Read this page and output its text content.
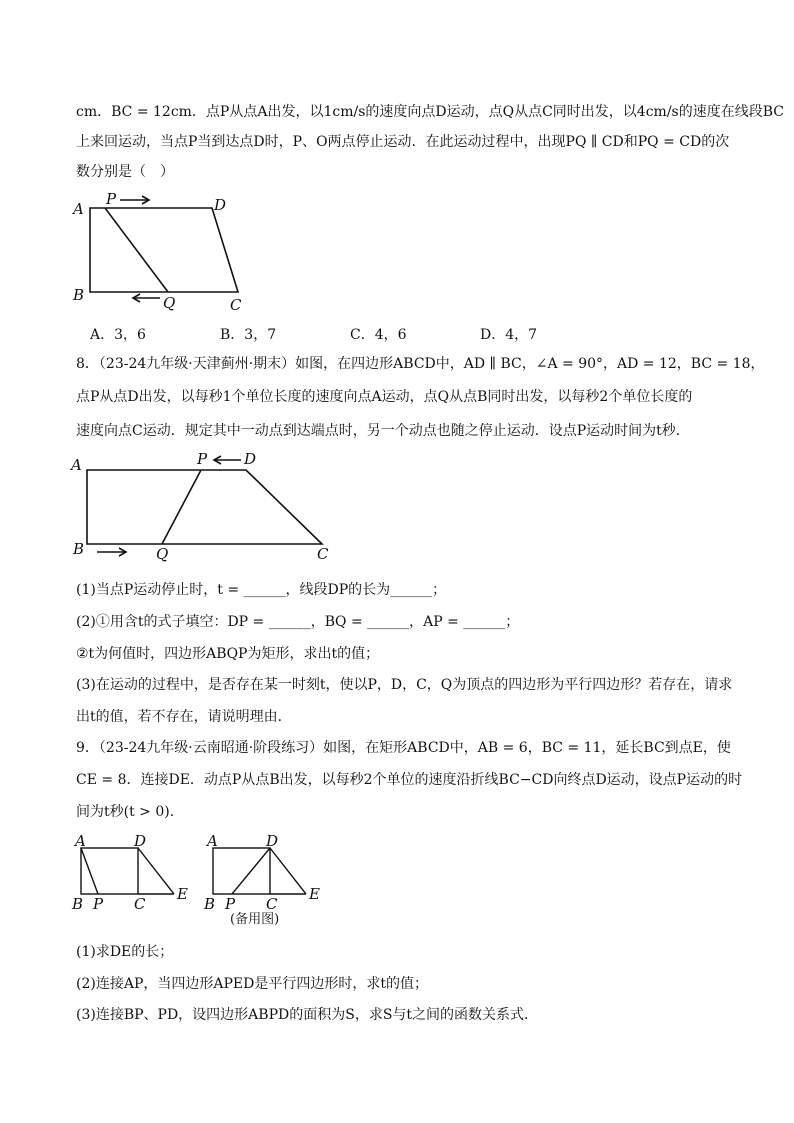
cm．BC = 12cm．点P从点A出发，以1cm/s的速度向点D运动，点Q从点C同时出发，以4cm/s的速度在线段BC
上来回运动，当点P当到达点D时，P、O两点停止运动．在此运动过程中，出现PQ ∥ CD和PQ = CD的次
数分别是（　）
A
P	D
B	Q	C
A．3，6	B．3，7	C．4，6	D．4，7
8．（23-24九年级·天津蓟州·期末）如图，在四边形ABCD中，AD ∥ BC，∠A = 90°，AD = 12，BC = 18，
点P从点D出发，以每秒1个单位长度的速度向点A运动，点Q从点B同时出发，以每秒2个单位长度的
速度向点C运动．规定其中一动点到达端点时，另一个动点也随之停止运动．设点P运动时间为t秒．
A	P D
B	Q	C
(1)当点P运动停止时，t = ______，线段DP的长为______；
(2)①用含t的式子填空：DP = ______，BQ = ______，AP = ______；
②t为何值时，四边形ABQP为矩形，求出t的值；
(3)在运动的过程中，是否存在某一时刻t，使以P，D，C，Q为顶点的四边形为平行四边形？若存在，请求
出t的值，若不存在，请说明理由．
9．（23-24九年级·云南昭通·阶段练习）如图，在矩形ABCD中，AB = 6，BC = 11，延长BC到点E，使
CE = 8．连接DE．动点P从点B出发，以每秒2个单位的速度沿折线BC−CD向终点D运动，设点P运动的时
间为t秒(t > 0)．
A	D
B P C
E
A	D
B P C
E
(备用图)
(1)求DE的长；
(2)连接AP，当四边形APED是平行四边形时，求t的值；
(3)连接BP、PD，设四边形ABPD的面积为S，求S与t之间的函数关系式．
